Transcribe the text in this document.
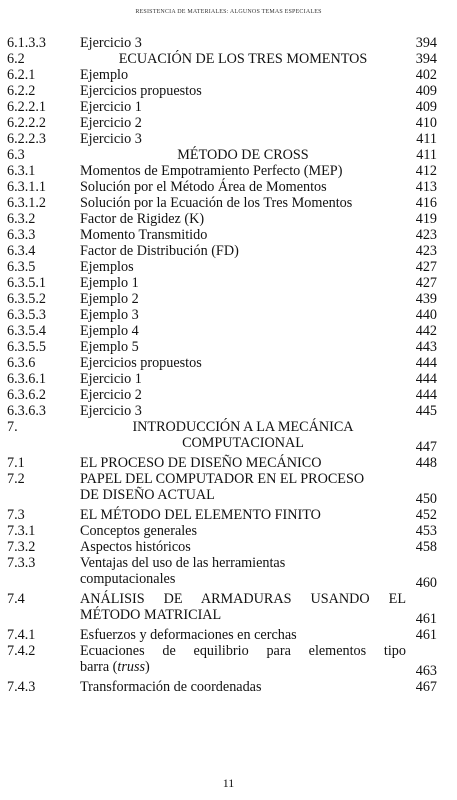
RESISTENCIA DE MATERIALES: ALGUNOS TEMAS ESPECIALES
6.1.3.3 Ejercicio 3	394
6.2	ECUACIÓN DE LOS TRES MOMENTOS	394
6.2.1	Ejemplo	402
6.2.2	Ejercicios propuestos	409
6.2.2.1 Ejercicio 1	409
6.2.2.2 Ejercicio 2	410
6.2.2.3 Ejercicio 3	411
6.3	MÉTODO DE CROSS	411
6.3.1	Momentos de Empotramiento Perfecto (MEP)	412
6.3.1.1 Solución por el Método Área de Momentos	413
6.3.1.2 Solución por la Ecuación de los Tres Momentos	416
6.3.2	Factor de Rigidez (K)	419
6.3.3	Momento Transmitido	423
6.3.4	Factor de Distribución (FD)	423
6.3.5	Ejemplos	427
6.3.5.1 Ejemplo 1	427
6.3.5.2 Ejemplo 2	439
6.3.5.3 Ejemplo 3	440
6.3.5.4 Ejemplo 4	442
6.3.5.5 Ejemplo 5	443
6.3.6	Ejercicios propuestos	444
6.3.6.1 Ejercicio 1	444
6.3.6.2 Ejercicio 2	444
6.3.6.3 Ejercicio 3	445
7.	INTRODUCCIÓN A LA MECÁNICA
COMPUTACIONAL	447
7.1	EL PROCESO DE DISEÑO MECÁNICO	448
7.2	PAPEL DEL COMPUTADOR EN EL PROCESO
DE DISEÑO ACTUAL	450
7.3	EL MÉTODO DEL ELEMENTO FINITO	452
7.3.1	Conceptos generales	453
7.3.2	Aspectos históricos	458
7.3.3	Ventajas del uso de las herramientas
computacionales	460
7.4	ANÁLISIS DE ARMADURAS USANDO EL
MÉTODO MATRICIAL	461
7.4.1	Esfuerzos y deformaciones en cerchas	461
7.4.2	Ecuaciones de equilibrio para elementos tipo
barra (truss)	463
7.4.3	Transformación de coordenadas	467
11
